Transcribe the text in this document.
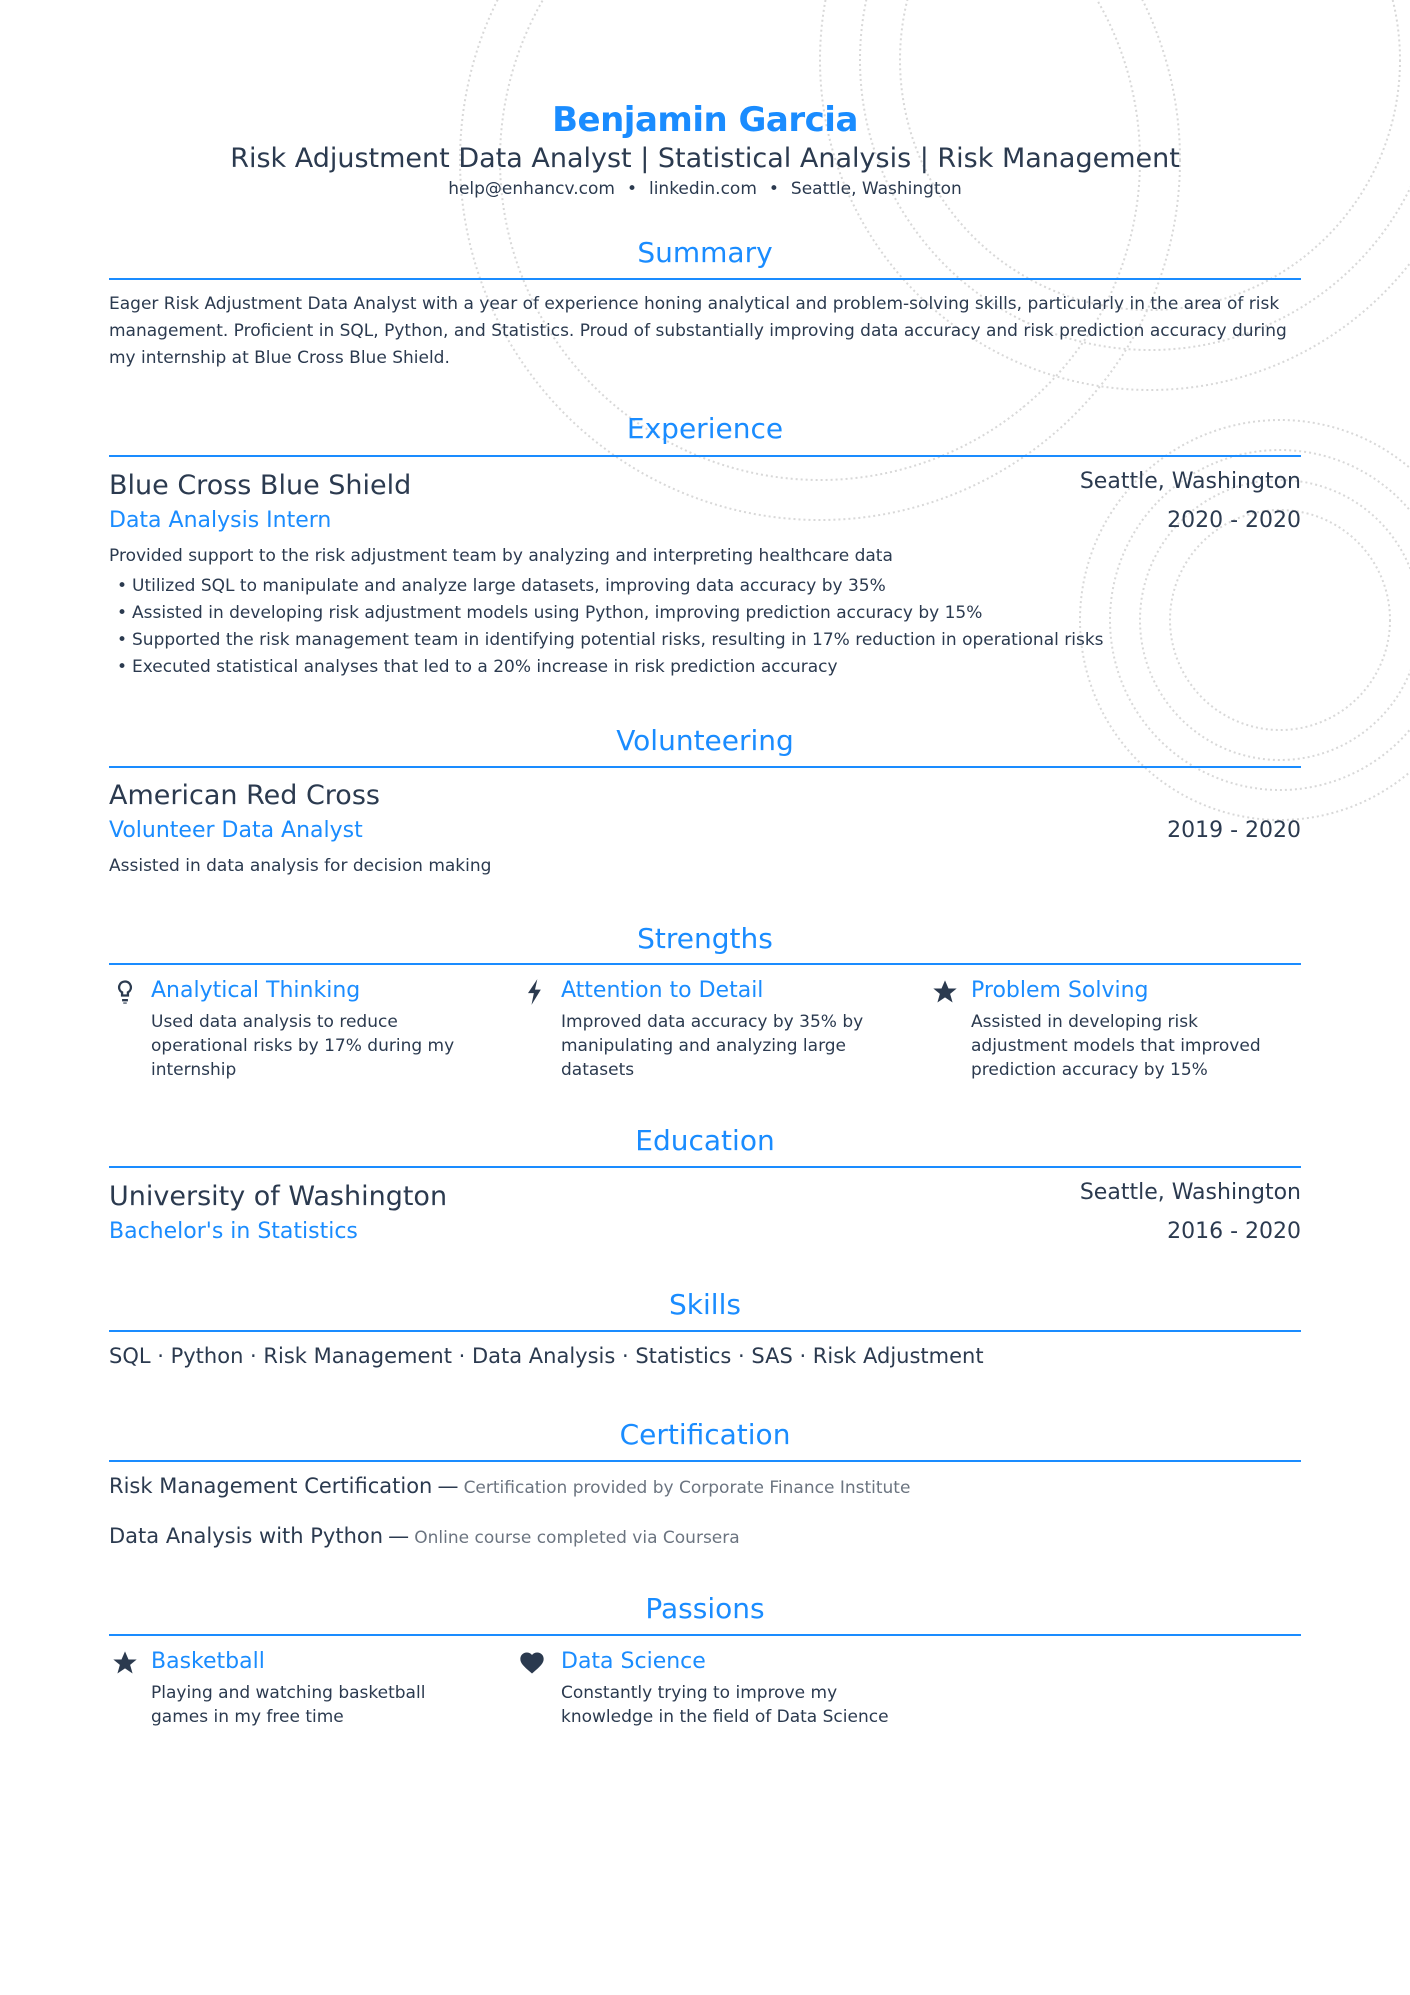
Benjamin Garcia
Risk Adjustment Data Analyst | Statistical Analysis | Risk Management
help@enhancv.com • linkedin.com • Seattle, Washington
Summary
Eager Risk Adjustment Data Analyst with a year of experience honing analytical and problem-solving skills, particularly in the area of risk management. Proficient in SQL, Python, and Statistics. Proud of substantially improving data accuracy and risk prediction accuracy during my internship at Blue Cross Blue Shield.
Experience
Blue Cross Blue Shield	Seattle, Washington
Data Analysis Intern	2020 - 2020
Provided support to the risk adjustment team by analyzing and interpreting healthcare data
• Utilized SQL to manipulate and analyze large datasets, improving data accuracy by 35%
• Assisted in developing risk adjustment models using Python, improving prediction accuracy by 15%
• Supported the risk management team in identifying potential risks, resulting in 17% reduction in operational risks
• Executed statistical analyses that led to a 20% increase in risk prediction accuracy
Volunteering
American Red Cross
Volunteer Data Analyst	2019 - 2020
Assisted in data analysis for decision making
Strengths
Analytical Thinking
Used data analysis to reduce operational risks by 17% during my internship
Attention to Detail
Improved data accuracy by 35% by manipulating and analyzing large datasets
Problem Solving
Assisted in developing risk adjustment models that improved prediction accuracy by 15%
Education
University of Washington	Seattle, Washington
Bachelor's in Statistics	2016 - 2020
Skills
SQL · Python · Risk Management · Data Analysis · Statistics · SAS · Risk Adjustment
Certification
Risk Management Certification — Certification provided by Corporate Finance Institute
Data Analysis with Python — Online course completed via Coursera
Passions
Basketball
Playing and watching basketball games in my free time
Data Science
Constantly trying to improve my knowledge in the field of Data Science
